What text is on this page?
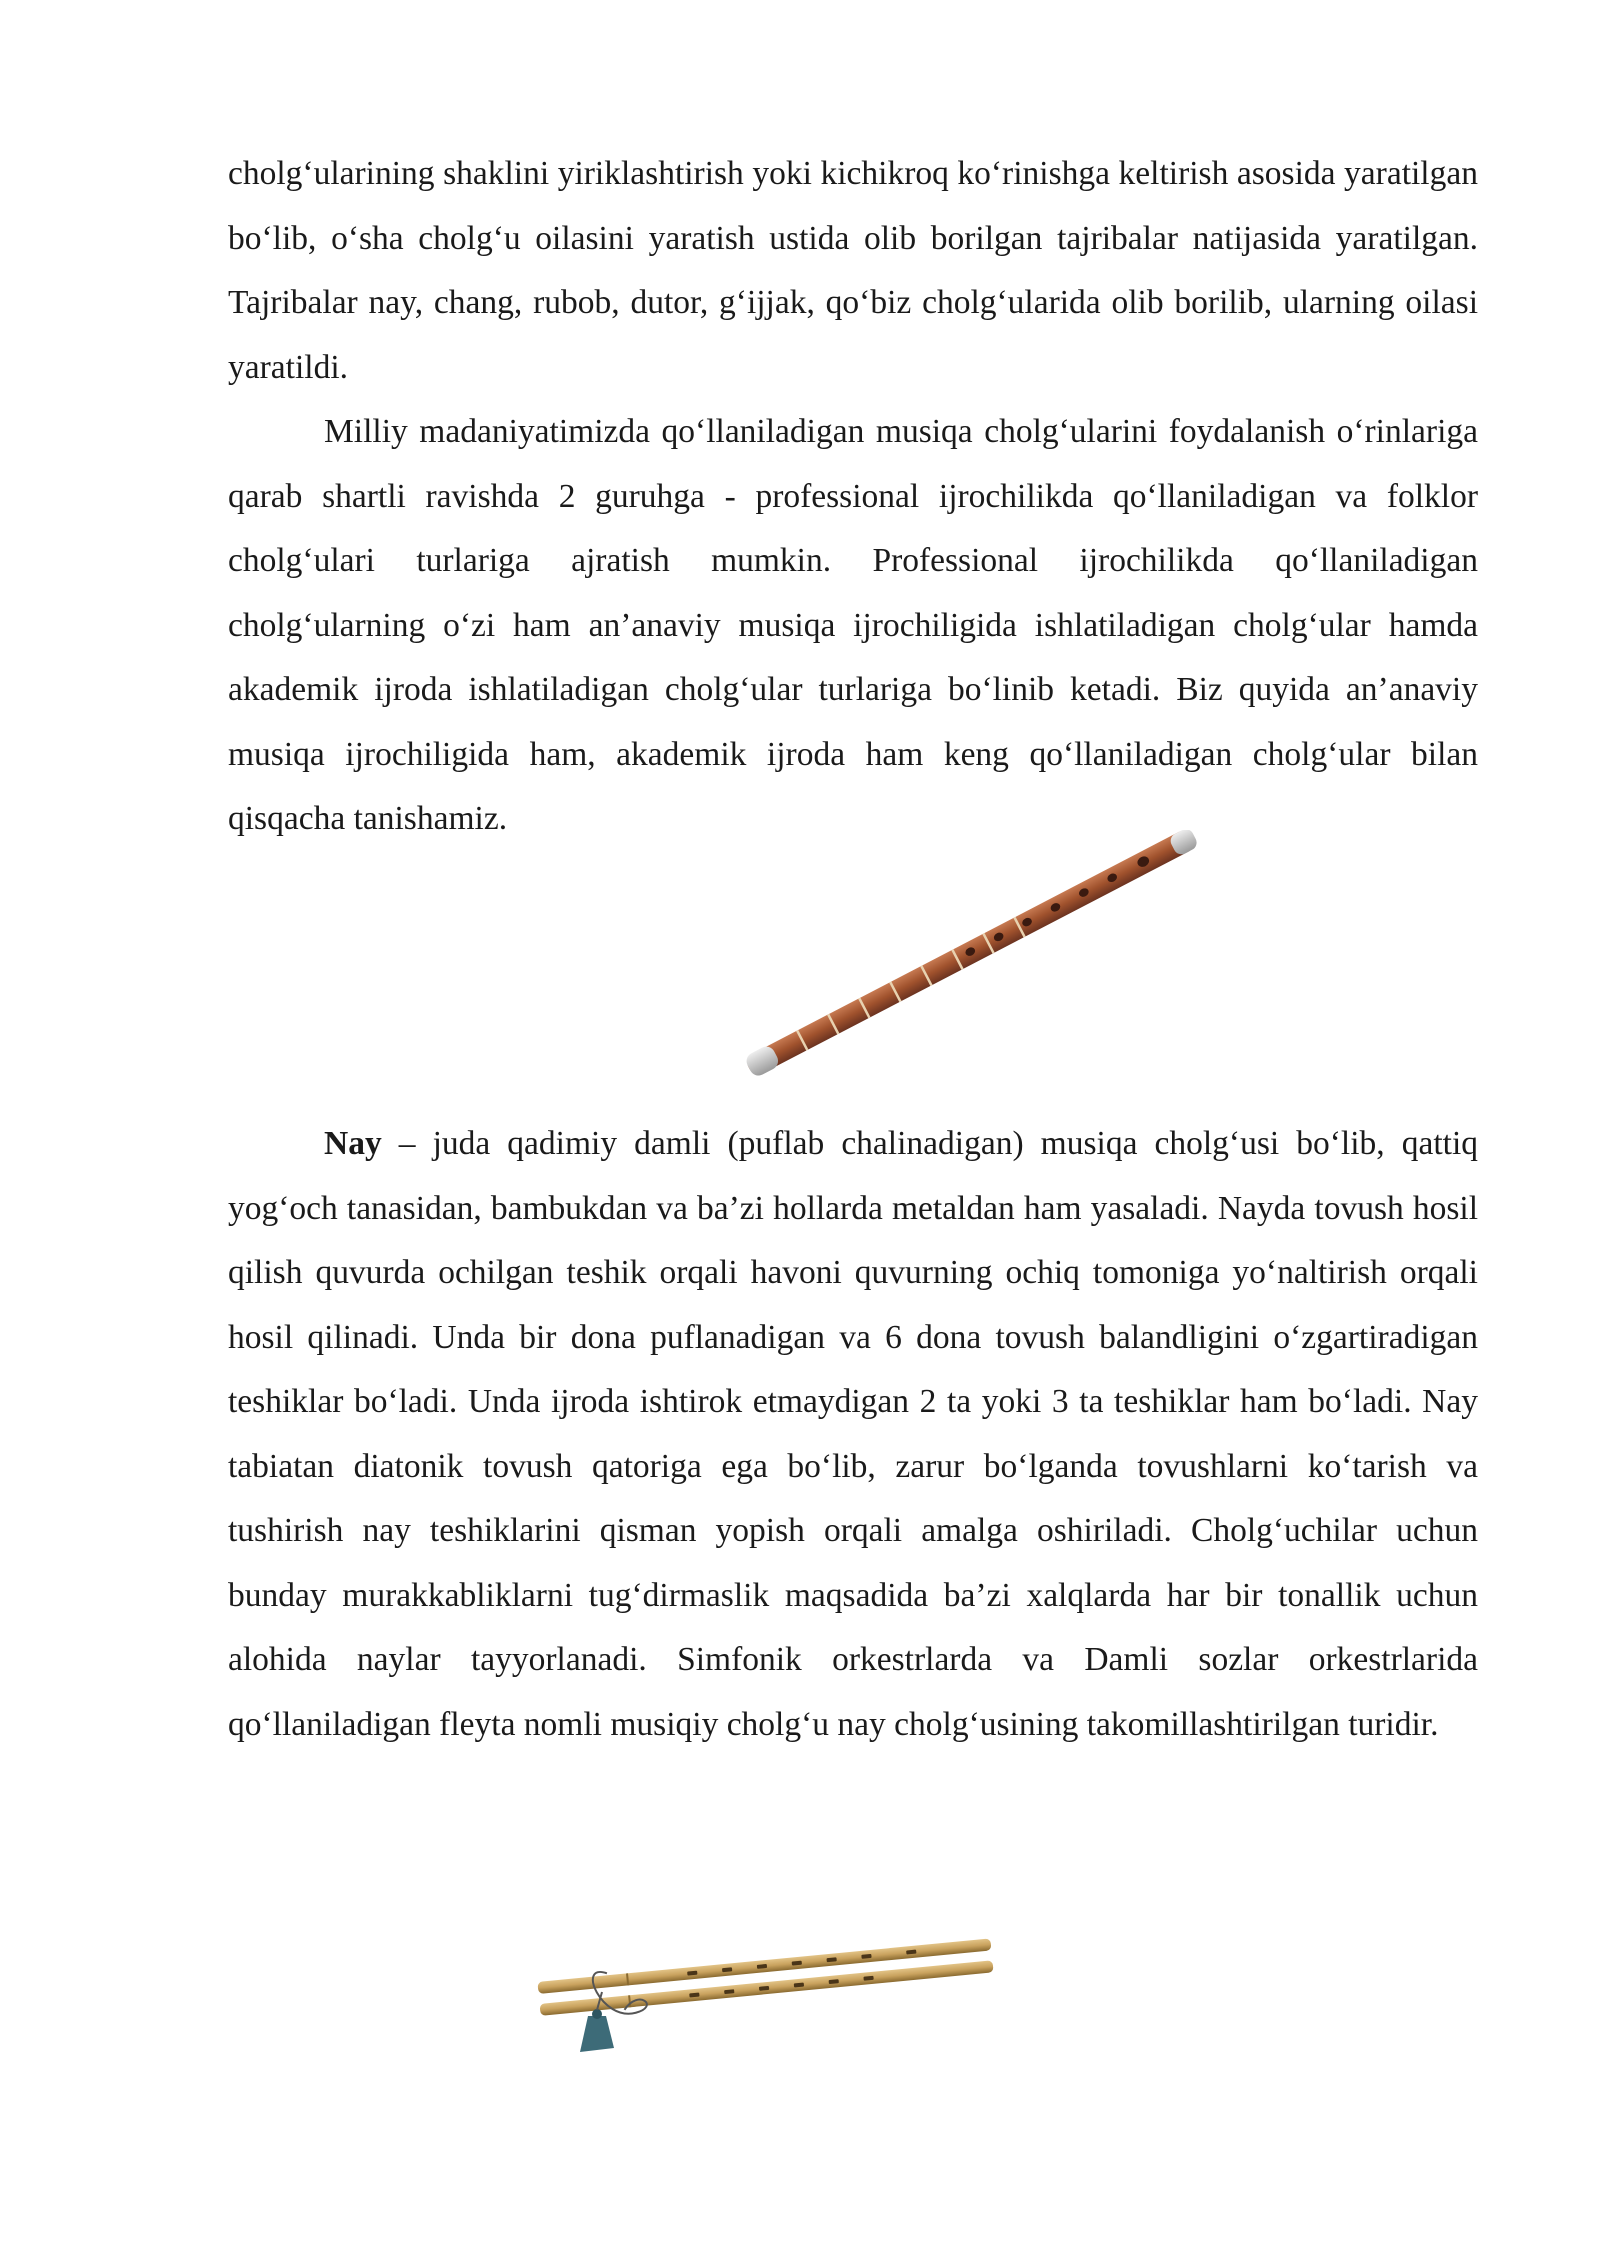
cholg‘ularining shaklini yiriklashtirish yoki kichikroq ko‘rinishga keltirish asosida yaratilgan bo‘lib, o‘sha cholg‘u oilasini yaratish ustida olib borilgan tajribalar natijasida yaratilgan. Tajribalar nay, chang, rubob, dutor, g‘ijjak, qo‘biz cholg‘ularida olib borilib, ularning oilasi yaratildi.

Milliy madaniyatimizda qo‘llaniladigan musiqa cholg‘ularini foydalanish o‘rinlariga qarab shartli ravishda 2 guruhga - professional ijrochilikda qo‘llaniladigan va folklor cholg‘ulari turlariga ajratish mumkin. Professional ijrochilikda qo‘llaniladigan cholg‘ularning o‘zi ham an’anaviy musiqa ijrochiligida ishlatiladigan cholg‘ular hamda akademik ijroda ishlatiladigan cholg‘ular turlariga bo‘linib ketadi. Biz quyida an’anaviy musiqa ijrochiligida ham, akademik ijroda ham keng qo‘llaniladigan cholg‘ular bilan qisqacha tanishamiz.

Nay – juda qadimiy damli (puflab chalinadigan) musiqa cholg‘usi bo‘lib, qattiq yog‘och tanasidan, bambukdan va ba’zi hollarda metaldan ham yasaladi. Nayda tovush hosil qilish quvurda ochilgan teshik orqali havoni quvurning ochiq tomoniga yo‘naltirish orqali hosil qilinadi. Unda bir dona puflanadigan va 6 dona tovush balandligini o‘zgartiradigan teshiklar bo‘ladi. Unda ijroda ishtirok etmaydigan 2 ta yoki 3 ta teshiklar ham bo‘ladi. Nay tabiatan diatonik tovush qatoriga ega bo‘lib, zarur bo‘lganda tovushlarni ko‘tarish va tushirish nay teshiklarini qisman yopish orqali amalga oshiriladi. Cholg‘uchilar uchun bunday murakkabliklarni tug‘dirmaslik maqsadida ba’zi xalqlarda har bir tonallik uchun alohida naylar tayyorlanadi. Simfonik orkestrlarda va Damli sozlar orkestrlarida qo‘llaniladigan fleyta nomli musiqiy cholg‘u nay cholg‘usining takomillashtirilgan turidir.
